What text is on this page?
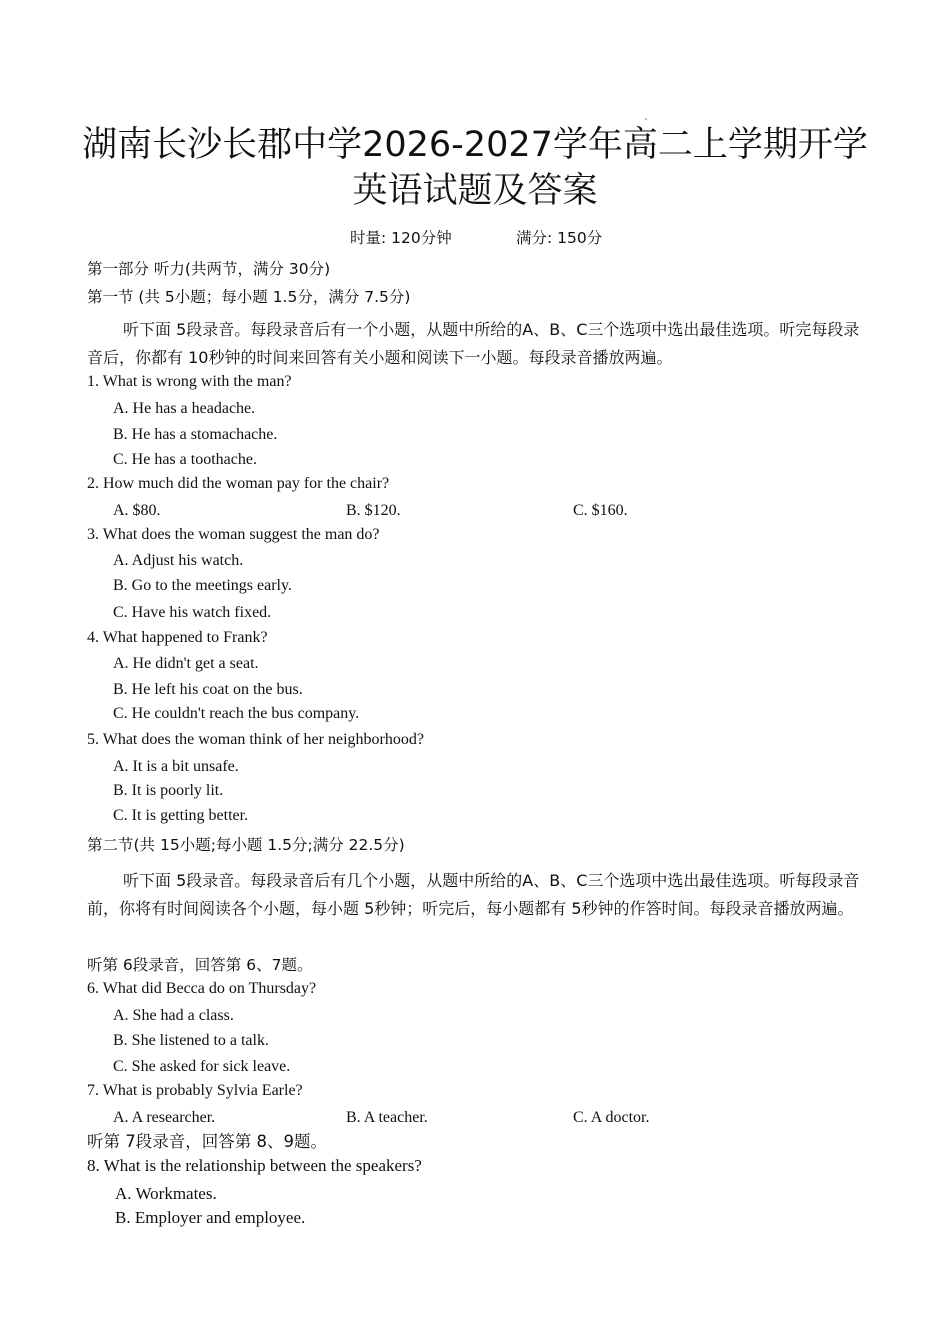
湖南长沙长郡中学2026-2027学年高二上学期开学
英语试题及答案
时量: 120分钟	满分: 150分
第一部分 听力(共两节，满分 30分)
第一节 (共 5小题；每小题 1.5分，满分 7.5分)
听下面 5段录音。每段录音后有一个小题，从题中所给的A、B、C三个选项中选出最佳选项。听完每段录音后，你都有 10秒钟的时间来回答有关小题和阅读下一小题。每段录音播放两遍。
1. What is wrong with the man?
A. He has a headache.
B. He has a stomachache.
C. He has a toothache.
2. How much did the woman pay for the chair?
A. $80.	B. $120.	C. $160.
3. What does the woman suggest the man do?
A. Adjust his watch.
B. Go to the meetings early.
C. Have his watch fixed.
4. What happened to Frank?
A. He didn't get a seat.
B. He left his coat on the bus.
C. He couldn't reach the bus company.
5. What does the woman think of her neighborhood?
A. It is a bit unsafe.
B. It is poorly lit.
C. It is getting better.
第二节(共 15小题;每小题 1.5分;满分 22.5分)
听下面 5段录音。每段录音后有几个小题，从题中所给的A、B、C三个选项中选出最佳选项。听每段录音前，你将有时间阅读各个小题，每小题 5秒钟；听完后，每小题都有 5秒钟的作答时间。每段录音播放两遍。
听第 6段录音，回答第 6、7题。
6. What did Becca do on Thursday?
A. She had a class.
B. She listened to a talk.
C. She asked for sick leave.
7. What is probably Sylvia Earle?
A. A researcher.	B. A teacher.	C. A doctor.
听第 7段录音，回答第 8、9题。
8. What is the relationship between the speakers?
A. Workmates.
B. Employer and employee.
